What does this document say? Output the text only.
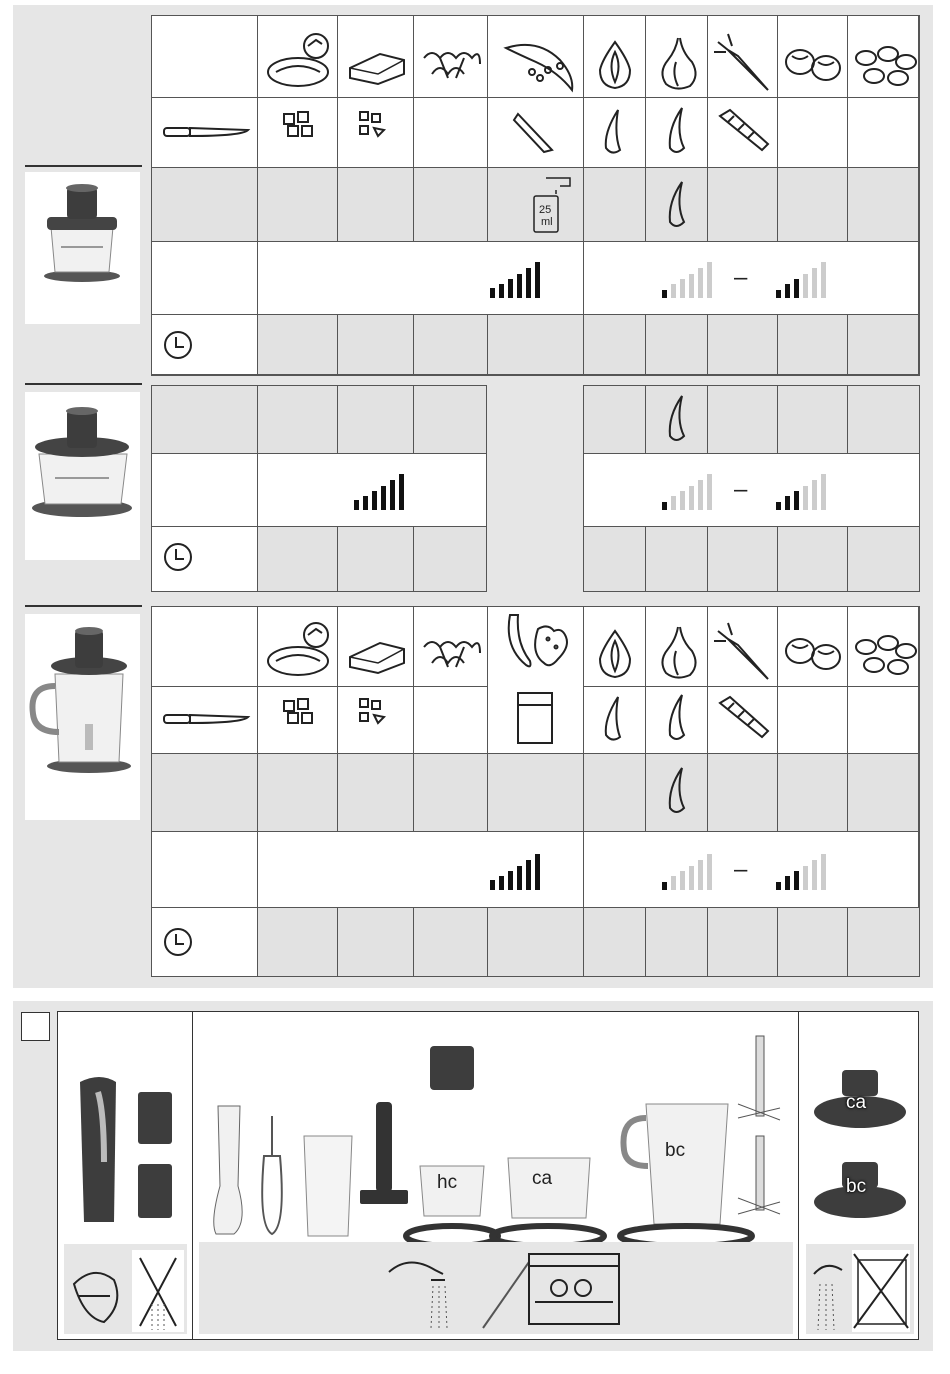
25
ml
–
–
–
hc	ca
bc
ca
bc
